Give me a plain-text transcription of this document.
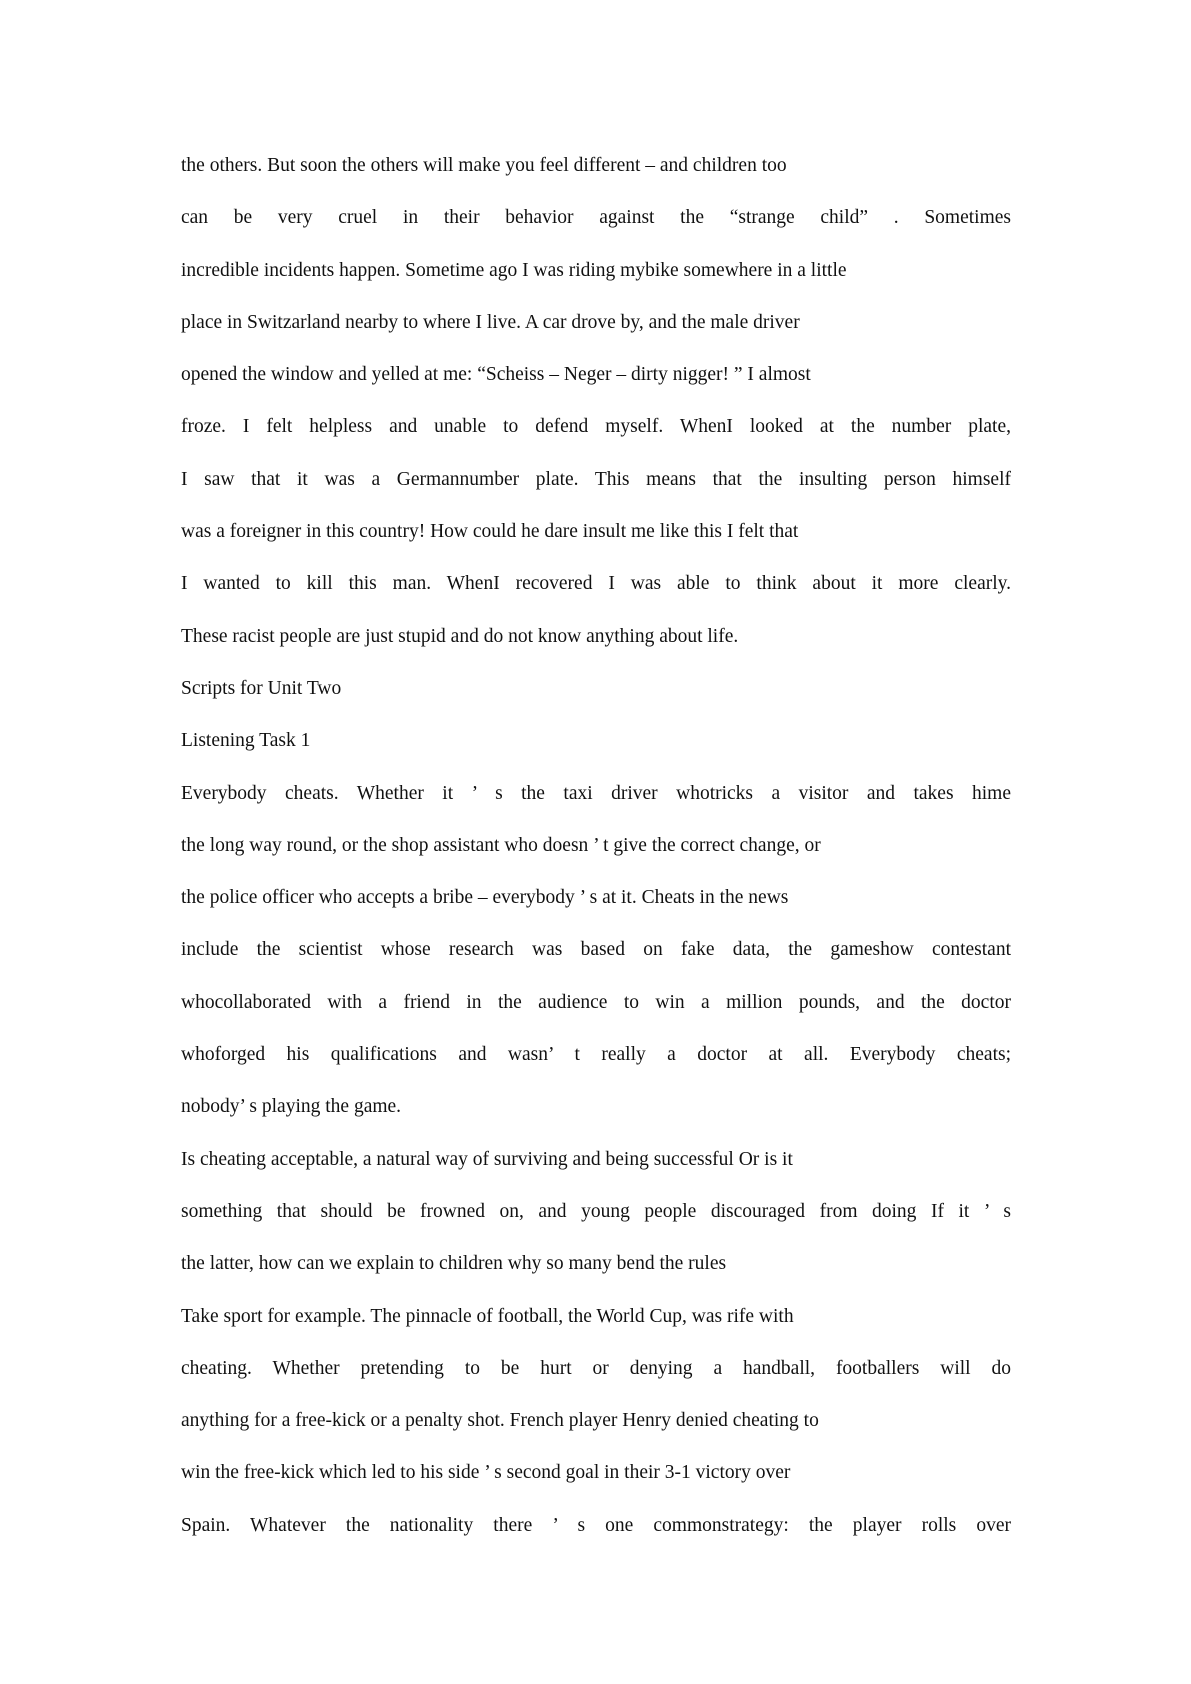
the others. But soon the others will make you feel different – and children too
can be very cruel in their behavior against the “strange child” . Sometimes
incredible incidents happen. Sometime ago I was riding mybike somewhere in a little
place in Switzarland nearby to where I live. A car drove by, and the male driver
opened the window and yelled at me: “Scheiss – Neger – dirty nigger! ” I almost
froze. I felt helpless and unable to defend myself. WhenI looked at the number plate,
I saw that it was a Germannumber plate. This means that the insulting person himself
was a foreigner in this country! How could he dare insult me like this I felt that
I wanted to kill this man. WhenI recovered I was able to think about it more clearly.
These racist people are just stupid and do not know anything about life.
Scripts for Unit Two
Listening Task 1
Everybody cheats. Whether it ’ s the taxi driver whotricks a visitor and takes hime
the long way round, or the shop assistant who doesn ’ t give the correct change, or
the police officer who accepts a bribe – everybody ’ s at it. Cheats in the news
include the scientist whose research was based on fake data, the gameshow contestant
whocollaborated with a friend in the audience to win a million pounds, and the doctor
whoforged his qualifications and wasn’ t really a doctor at all. Everybody cheats;
nobody’ s playing the game.
Is cheating acceptable, a natural way of surviving and being successful Or is it
something that should be frowned on, and young people discouraged from doing If it ’ s
the latter, how can we explain to children why so many bend the rules
Take sport for example. The pinnacle of football, the World Cup, was rife with
cheating. Whether pretending to be hurt or denying a handball, footballers will do
anything for a free-kick or a penalty shot. French player Henry denied cheating to
win the free-kick which led to his side ’ s second goal in their 3-1 victory over
Spain. Whatever the nationality there ’ s one commonstrategy: the player rolls over
